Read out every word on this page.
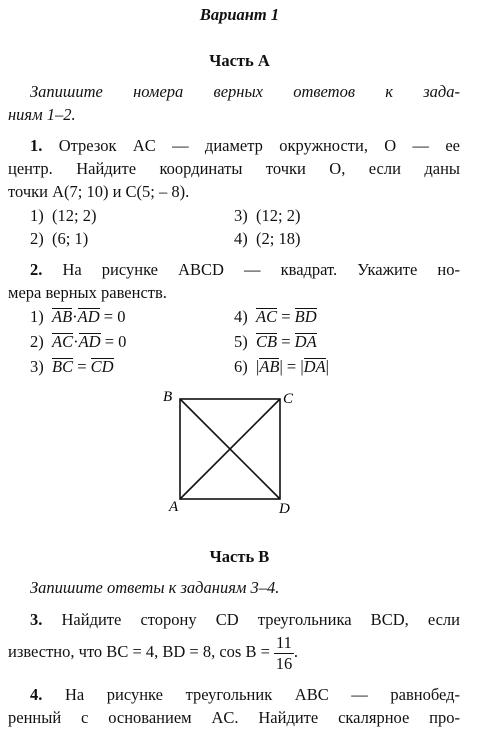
Вариант 1
Часть А
Запишите номера верных ответов к зада-
ниям 1–2.
1. Отрезок AC — диаметр окружности, O — ее
центр. Найдите координаты точки O, если даны
точки A(7; 10) и C(5; – 8).
1) (12; 2)
2) (6; 1)
3) (12; 2)
4) (2; 18)
2. На рисунке ABCD — квадрат. Укажите но-
мера верных равенств.
1) AB·AD = 0
2) AC·AD = 0
3) BC = CD
4) AC = BD
5) CB = DA
6)  |AB| = |DA|
B	C
A	D
Часть В
Запишите ответы к заданиям 3–4.
3. Найдите сторону CD треугольника BCD, если
известно, что BC = 4, BD = 8, $\cos B = \frac{11}{16}$ .
4. На рисунке треугольник ABC — равнобед-
ренный с основанием AC. Найдите скалярное про-
